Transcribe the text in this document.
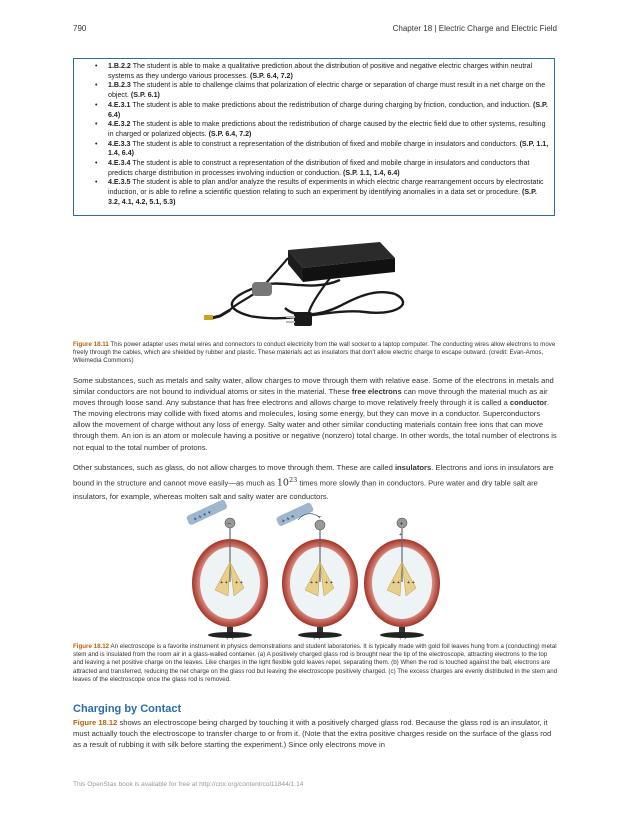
790	Chapter 18 | Electric Charge and Electric Field
• 1.B.2.2 The student is able to make a qualitative prediction about the distribution of positive and negative electric charges within neutral systems as they undergo various processes. (S.P. 6.4, 7.2)
• 1.B.2.3 The student is able to challenge claims that polarization of electric charge or separation of charge must result in a net charge on the object. (S.P. 6.1)
• 4.E.3.1 The student is able to make predictions about the redistribution of charge during charging by friction, conduction, and induction. (S.P. 6.4)
• 4.E.3.2 The student is able to make predictions about the redistribution of charge caused by the electric field due to other systems, resulting in charged or polarized objects. (S.P. 6.4, 7.2)
• 4.E.3.3 The student is able to construct a representation of the distribution of fixed and mobile charge in insulators and conductors. (S.P. 1.1, 1.4, 6.4)
• 4.E.3.4 The student is able to construct a representation of the distribution of fixed and mobile charge in insulators and conductors that predicts charge distribution in processes involving induction or conduction. (S.P. 1.1, 1.4, 6.4)
• 4.E.3.5 The student is able to plan and/or analyze the results of experiments in which electric charge rearrangement occurs by electrostatic induction, or is able to refine a scientific question relating to such an experiment by identifying anomalies in a data set or procedure. (S.P. 3.2, 4.1, 4.2, 5.1, 5.3)

Figure 18.11 This power adapter uses metal wires and connectors to conduct electricity from the wall socket to a laptop computer. The conducting wires allow electrons to move freely through the cables, which are shielded by rubber and plastic. These materials act as insulators that don't allow electric charge to escape outward. (credit: Evan-Amos, Wikimedia Commons)

Some substances, such as metals and salty water, allow charges to move through them with relative ease. Some of the electrons in metals and similar conductors are not bound to individual atoms or sites in the material. These free electrons can move through the material much as air moves through loose sand. Any substance that has free electrons and allows charge to move relatively freely through it is called a conductor. The moving electrons may collide with fixed atoms and molecules, losing some energy, but they can move in a conductor. Superconductors allow the movement of charge without any loss of energy. Salty water and other similar conducting materials contain free ions that can move through them. An ion is an atom or molecule having a positive or negative (nonzero) total charge. In other words, the total number of electrons is not equal to the total number of protons.

Other substances, such as glass, do not allow charges to move through them. These are called insulators. Electrons and ions in insulators are bound in the structure and cannot move easily—as much as $10^{23}$ times more slowly than in conductors. Pure water and dry table salt are insulators, for example, whereas molten salt and salty water are conductors.

+ + + +
–
+ + + +
+ + +	–
+ + + +
+
+
+ + + +
(a)	(b)	(c)

Figure 18.12 An electroscope is a favorite instrument in physics demonstrations and student laboratories. It is typically made with gold foil leaves hung from a (conducting) metal stem and is insulated from the room air in a glass-walled container. (a) A positively charged glass rod is brought near the tip of the electroscope, attracting electrons to the top and leaving a net positive charge on the leaves. Like charges in the light flexible gold leaves repel, separating them. (b) When the rod is touched against the ball, electrons are attracted and transferred, reducing the net charge on the glass rod but leaving the electroscope positively charged. (c) The excess charges are evenly distributed in the stem and leaves of the electroscope once the glass rod is removed.

Charging by Contact

Figure 18.12 shows an electroscope being charged by touching it with a positively charged glass rod. Because the glass rod is an insulator, it must actually touch the electroscope to transfer charge to or from it. (Note that the extra positive charges reside on the surface of the glass rod as a result of rubbing it with silk before starting the experiment.) Since only electrons move in

This OpenStax book is available for free at http://cnx.org/content/col11844/1.14
